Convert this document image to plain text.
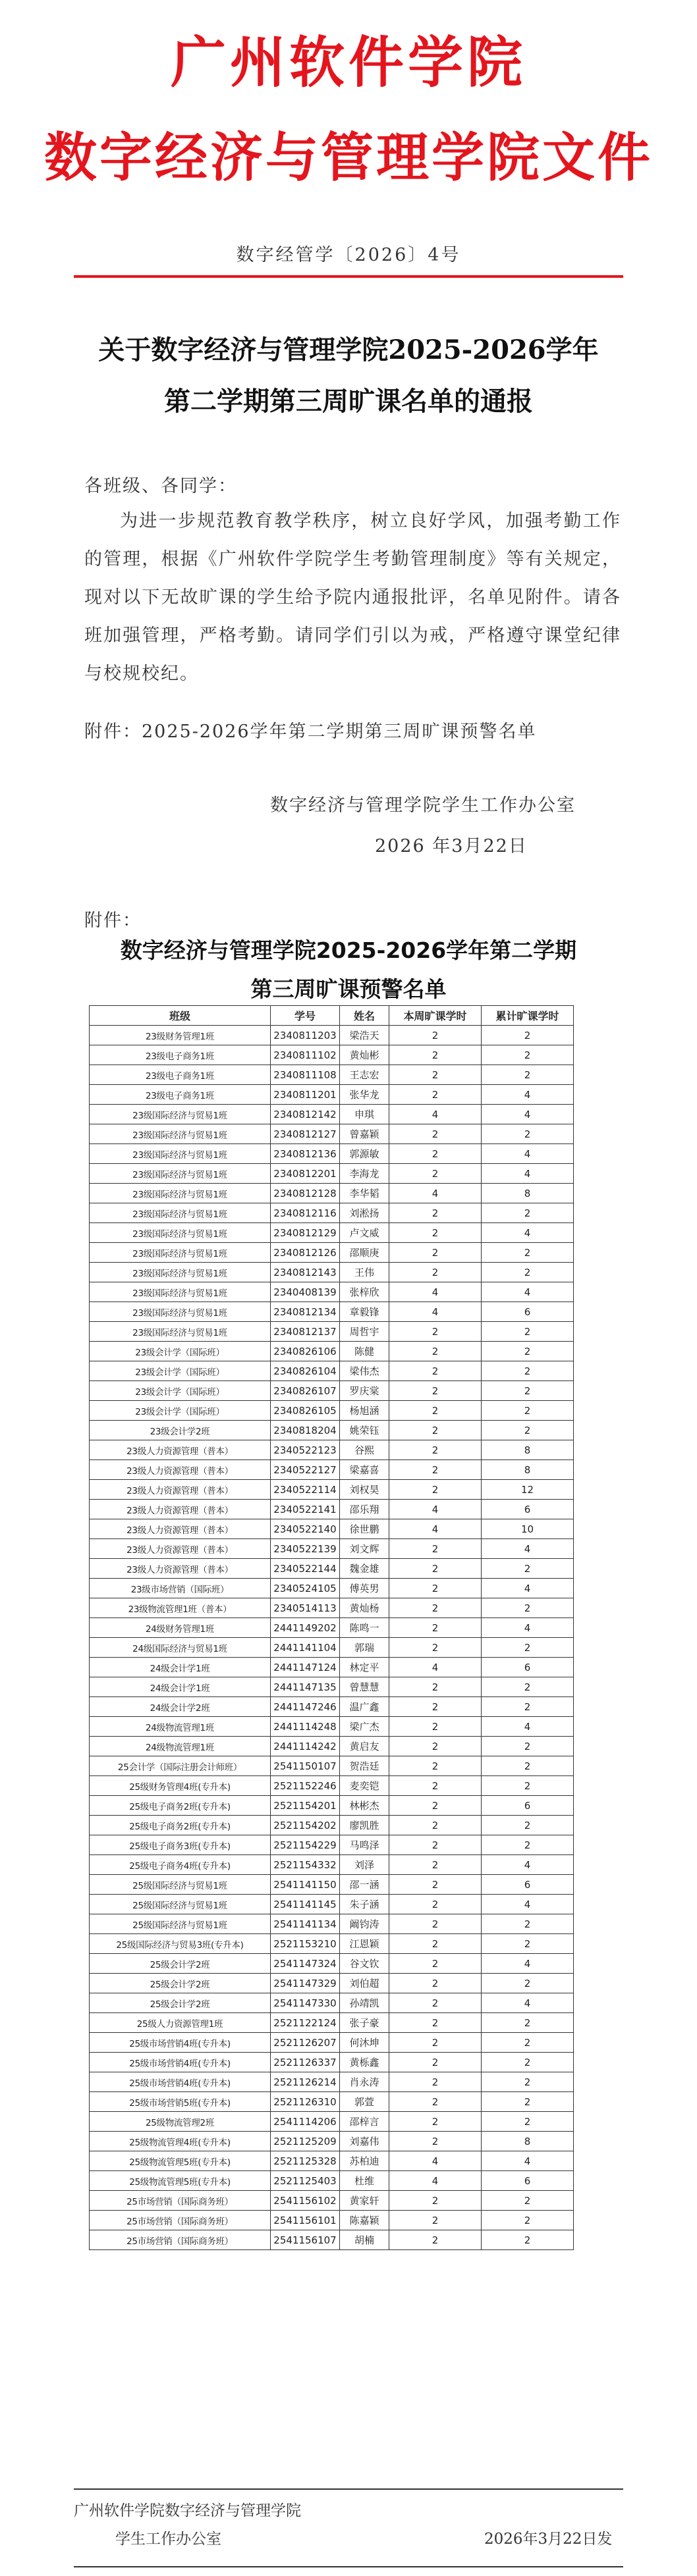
广州软件学院
数字经济与管理学院文件
数字经管学〔2026〕4号
关于数字经济与管理学院2025-2026学年
第二学期第三周旷课名单的通报
各班级、各同学：
为进一步规范教育教学秩序，树立良好学风，加强考勤工作的管理，根据《广州软件学院学生考勤管理制度》等有关规定，现对以下无故旷课的学生给予院内通报批评，名单见附件。请各班加强管理，严格考勤。请同学们引以为戒，严格遵守课堂纪律与校规校纪。
附件：2025-2026学年第二学期第三周旷课预警名单
数字经济与管理学院学生工作办公室
2026 年3月22日
附件：
数字经济与管理学院2025-2026学年第二学期
第三周旷课预警名单
班级	学号	姓名	本周旷课学时	累计旷课学时
23级财务管理1班	2340811203	梁浩天	2	2
23级电子商务1班	2340811102	黄灿彬	2	2
23级电子商务1班	2340811108	王志宏	2	2
23级电子商务1班	2340811201	张华龙	2	4
23级国际经济与贸易1班	2340812142	申琪	4	4
23级国际经济与贸易1班	2340812127	曾嘉颖	2	2
23级国际经济与贸易1班	2340812136	郭源敏	2	4
23级国际经济与贸易1班	2340812201	李海龙	2	4
23级国际经济与贸易1班	2340812128	李华韬	4	8
23级国际经济与贸易1班	2340812116	刘淞扬	2	2
23级国际经济与贸易1班	2340812129	卢文威	2	4
23级国际经济与贸易1班	2340812126	邵顺庚	2	2
23级国际经济与贸易1班	2340812143	王伟	2	2
23级国际经济与贸易1班	2340408139	张梓欣	4	4
23级国际经济与贸易1班	2340812134	章毅锋	4	6
23级国际经济与贸易1班	2340812137	周哲宇	2	2
23级会计学（国际班）	2340826106	陈健	2	2
23级会计学（国际班）	2340826104	梁伟杰	2	2
23级会计学（国际班）	2340826107	罗庆棠	2	2
23级会计学（国际班）	2340826105	杨旭涵	2	2
23级会计学2班	2340818204	姚荣钰	2	2
23级人力资源管理（普本）	2340522123	谷熙	2	8
23级人力资源管理（普本）	2340522127	梁嘉喜	2	8
23级人力资源管理（普本）	2340522114	刘权昊	2	12
23级人力资源管理（普本）	2340522141	邵乐翔	4	6
23级人力资源管理（普本）	2340522140	徐世鹏	4	10
23级人力资源管理（普本）	2340522139	刘文辉	2	4
23级人力资源管理（普本）	2340522144	魏金雄	2	2
23级市场营销（国际班）	2340524105	傅英男	2	4
23级物流管理1班（普本）	2340514113	黄灿杨	2	2
24级财务管理1班	2441149202	陈鸣一	2	4
24级国际经济与贸易1班	2441141104	郭瑞	2	2
24级会计学1班	2441147124	林定平	4	6
24级会计学1班	2441147135	曾慧慧	2	2
24级会计学2班	2441147246	温广鑫	2	2
24级物流管理1班	2441114248	梁广杰	2	4
24级物流管理1班	2441114242	黄启友	2	2
25会计学（国际注册会计师班）	2541150107	贺浩廷	2	2
25级财务管理4班(专升本)	2521152246	麦奕铠	2	2
25级电子商务2班(专升本)	2521154201	林彬杰	2	6
25级电子商务2班(专升本)	2521154202	廖凯胜	2	2
25级电子商务3班(专升本)	2521154229	马鸣泽	2	2
25级电子商务4班(专升本)	2521154332	刘泽	2	4
25级国际经济与贸易1班	2541141150	邵一涵	2	6
25级国际经济与贸易1班	2541141145	朱子涵	2	4
25级国际经济与贸易1班	2541141134	阚钧涛	2	2
25级国际经济与贸易3班(专升本)	2521153210	江恩颖	2	2
25级会计学2班	2541147324	谷文钦	2	4
25级会计学2班	2541147329	刘伯超	2	2
25级会计学2班	2541147330	孙靖凯	2	4
25级人力资源管理1班	2521122124	张子豪	2	2
25级市场营销4班(专升本)	2521126207	何沐坤	2	2
25级市场营销4班(专升本)	2521126337	黄栎鑫	2	2
25级市场营销4班(专升本)	2521126214	肖永涛	2	2
25级市场营销5班(专升本)	2521126310	郭萱	2	2
25级物流管理2班	2541114206	邵梓言	2	2
25级物流管理4班(专升本)	2521125209	刘嘉伟	2	8
25级物流管理5班(专升本)	2521125328	苏柏迪	4	4
25级物流管理5班(专升本)	2521125403	杜维	4	6
25市场营销（国际商务班）	2541156102	黄家轩	2	2
25市场营销（国际商务班）	2541156101	陈嘉颖	2	2
25市场营销（国际商务班）	2541156107	胡楠	2	2
广州软件学院数字经济与管理学院
学生工作办公室	2026年3月22日发
